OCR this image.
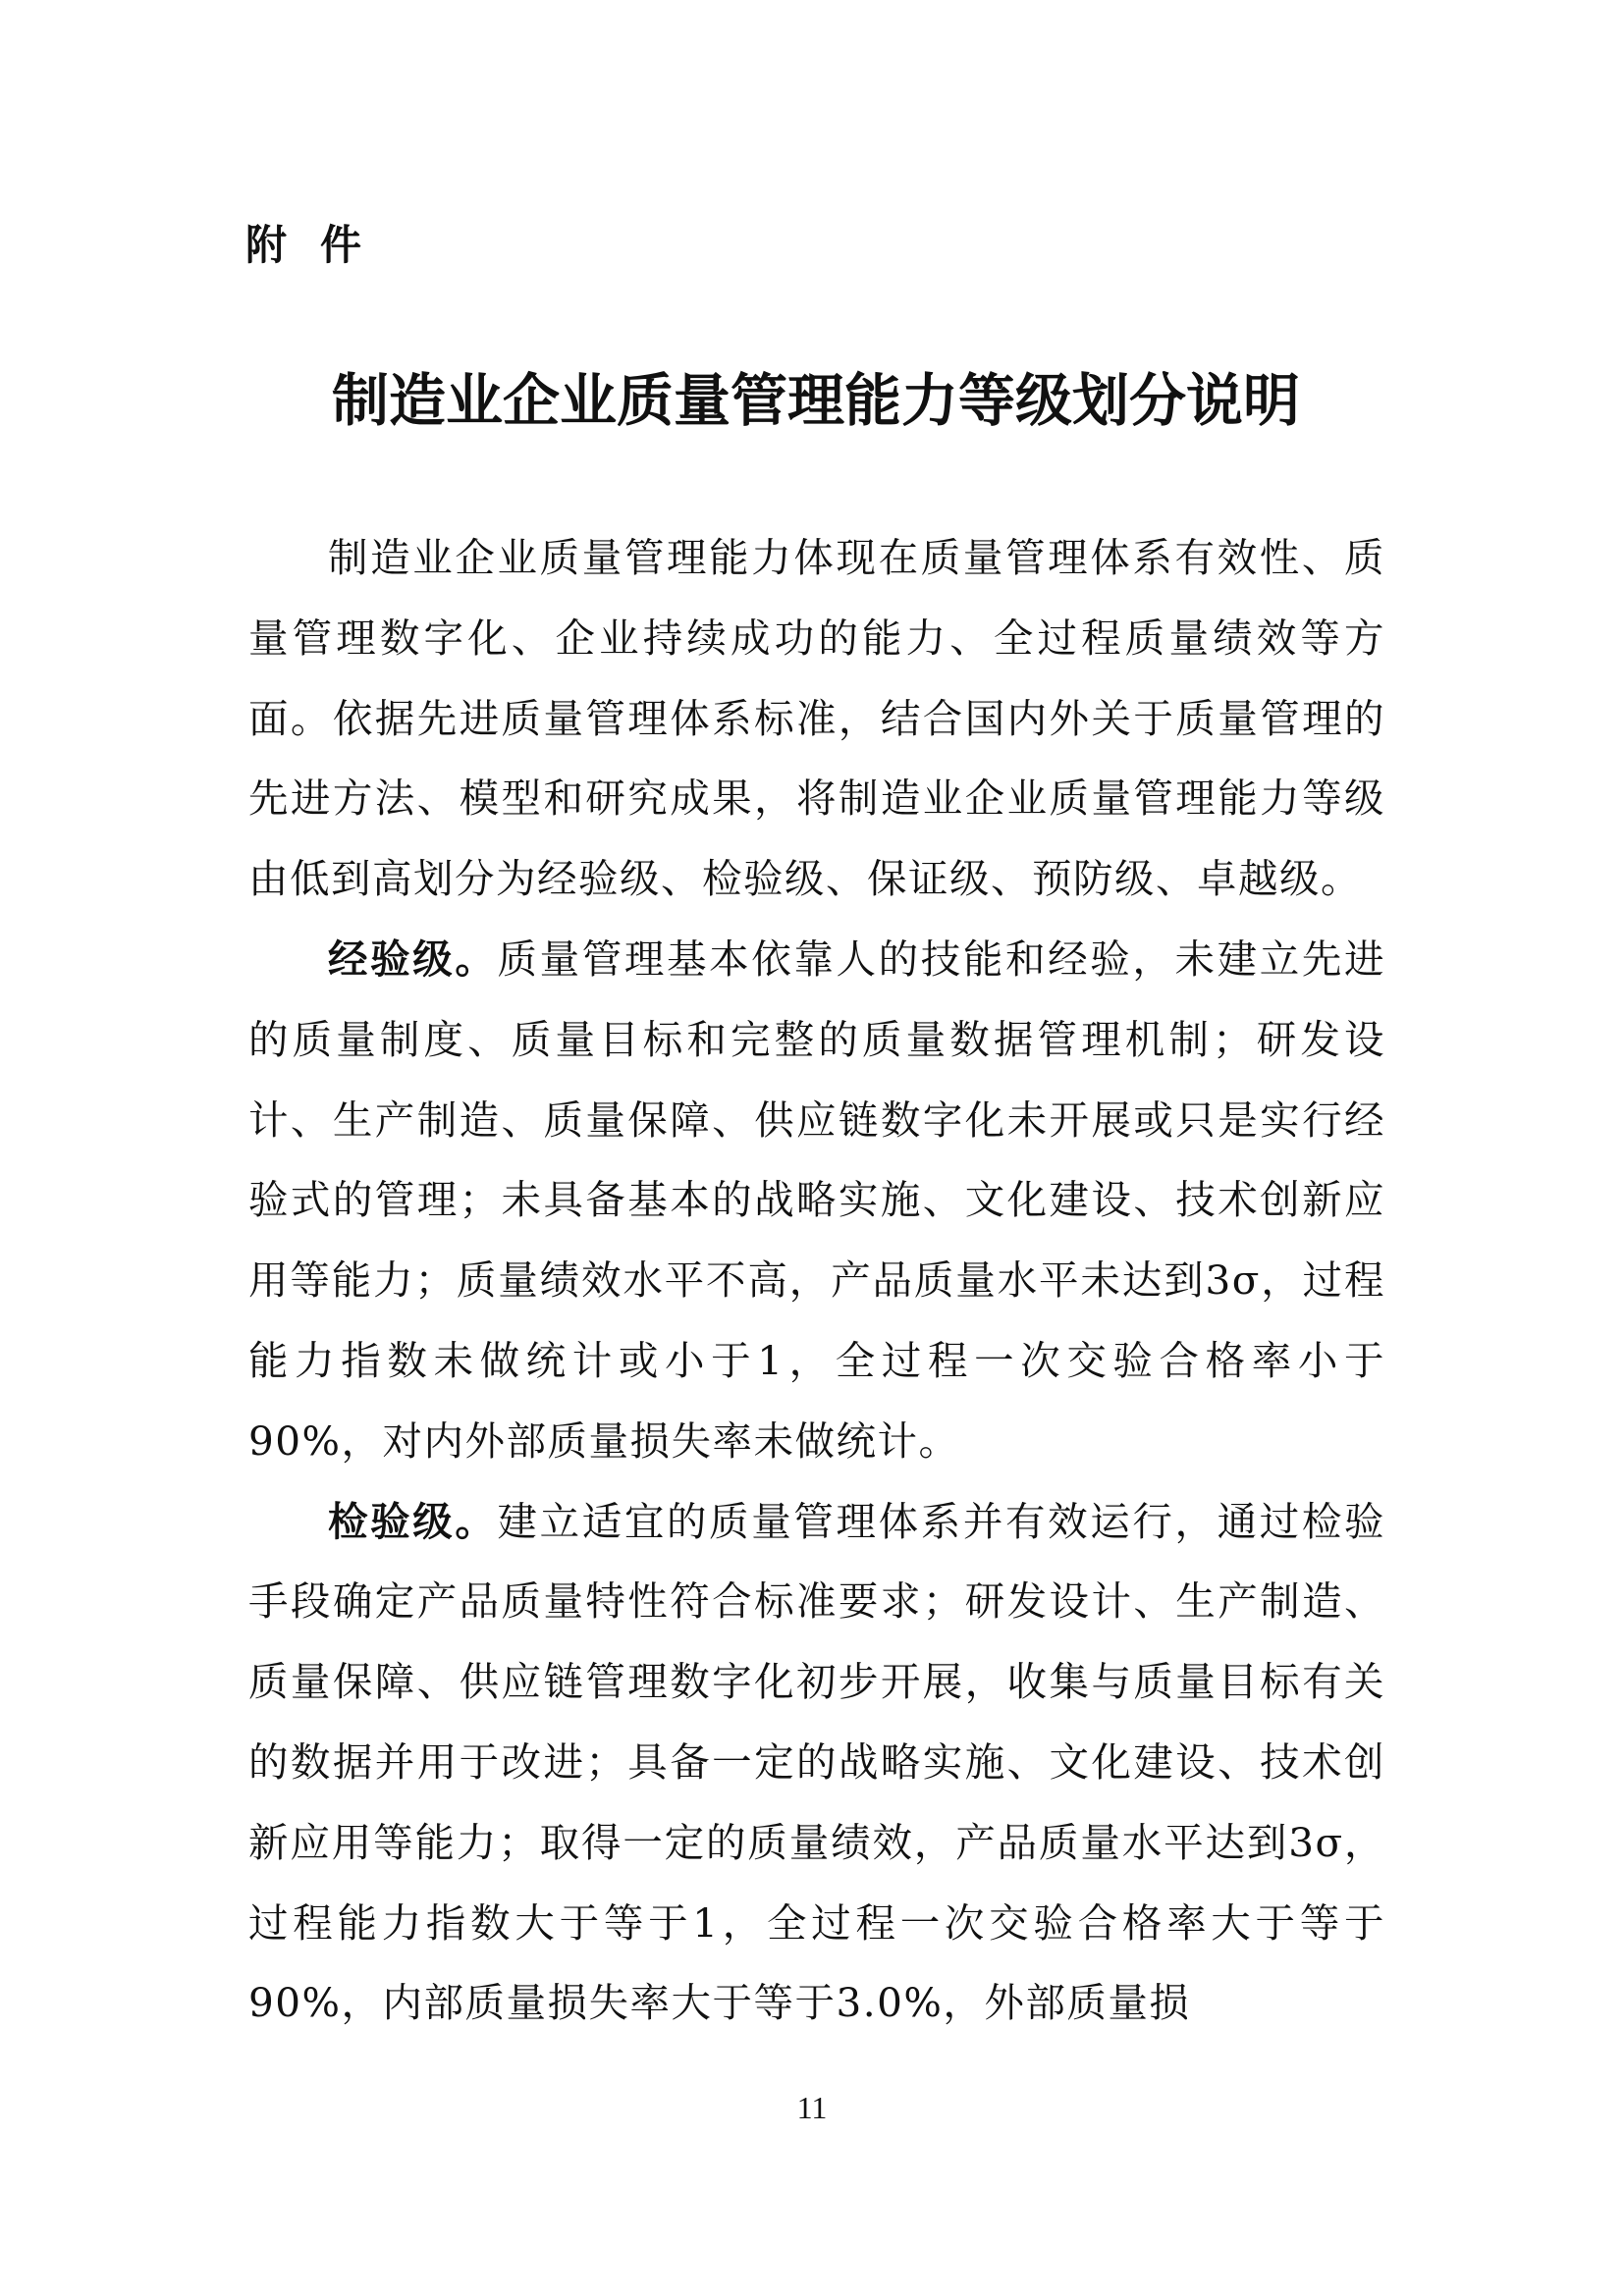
附件
制造业企业质量管理能力等级划分说明

制造业企业质量管理能力体现在质量管理体系有效性、质量管理数字化、企业持续成功的能力、全过程质量绩效等方面。依据先进质量管理体系标准，结合国内外关于质量管理的先进方法、模型和研究成果，将制造业企业质量管理能力等级由低到高划分为经验级、检验级、保证级、预防级、卓越级。

经验级。质量管理基本依靠人的技能和经验，未建立先进的质量制度、质量目标和完整的质量数据管理机制；研发设计、生产制造、质量保障、供应链数字化未开展或只是实行经验式的管理；未具备基本的战略实施、文化建设、技术创新应用等能力；质量绩效水平不高，产品质量水平未达到3σ，过程能力指数未做统计或小于1，全过程一次交验合格率小于90%，对内外部质量损失率未做统计。

检验级。建立适宜的质量管理体系并有效运行，通过检验手段确定产品质量特性符合标准要求；研发设计、生产制造、质量保障、供应链管理数字化初步开展，收集与质量目标有关的数据并用于改进；具备一定的战略实施、文化建设、技术创新应用等能力；取得一定的质量绩效，产品质量水平达到3σ，过程能力指数大于等于1，全过程一次交验合格率大于等于90%，内部质量损失率大于等于3.0%，外部质量损

11
